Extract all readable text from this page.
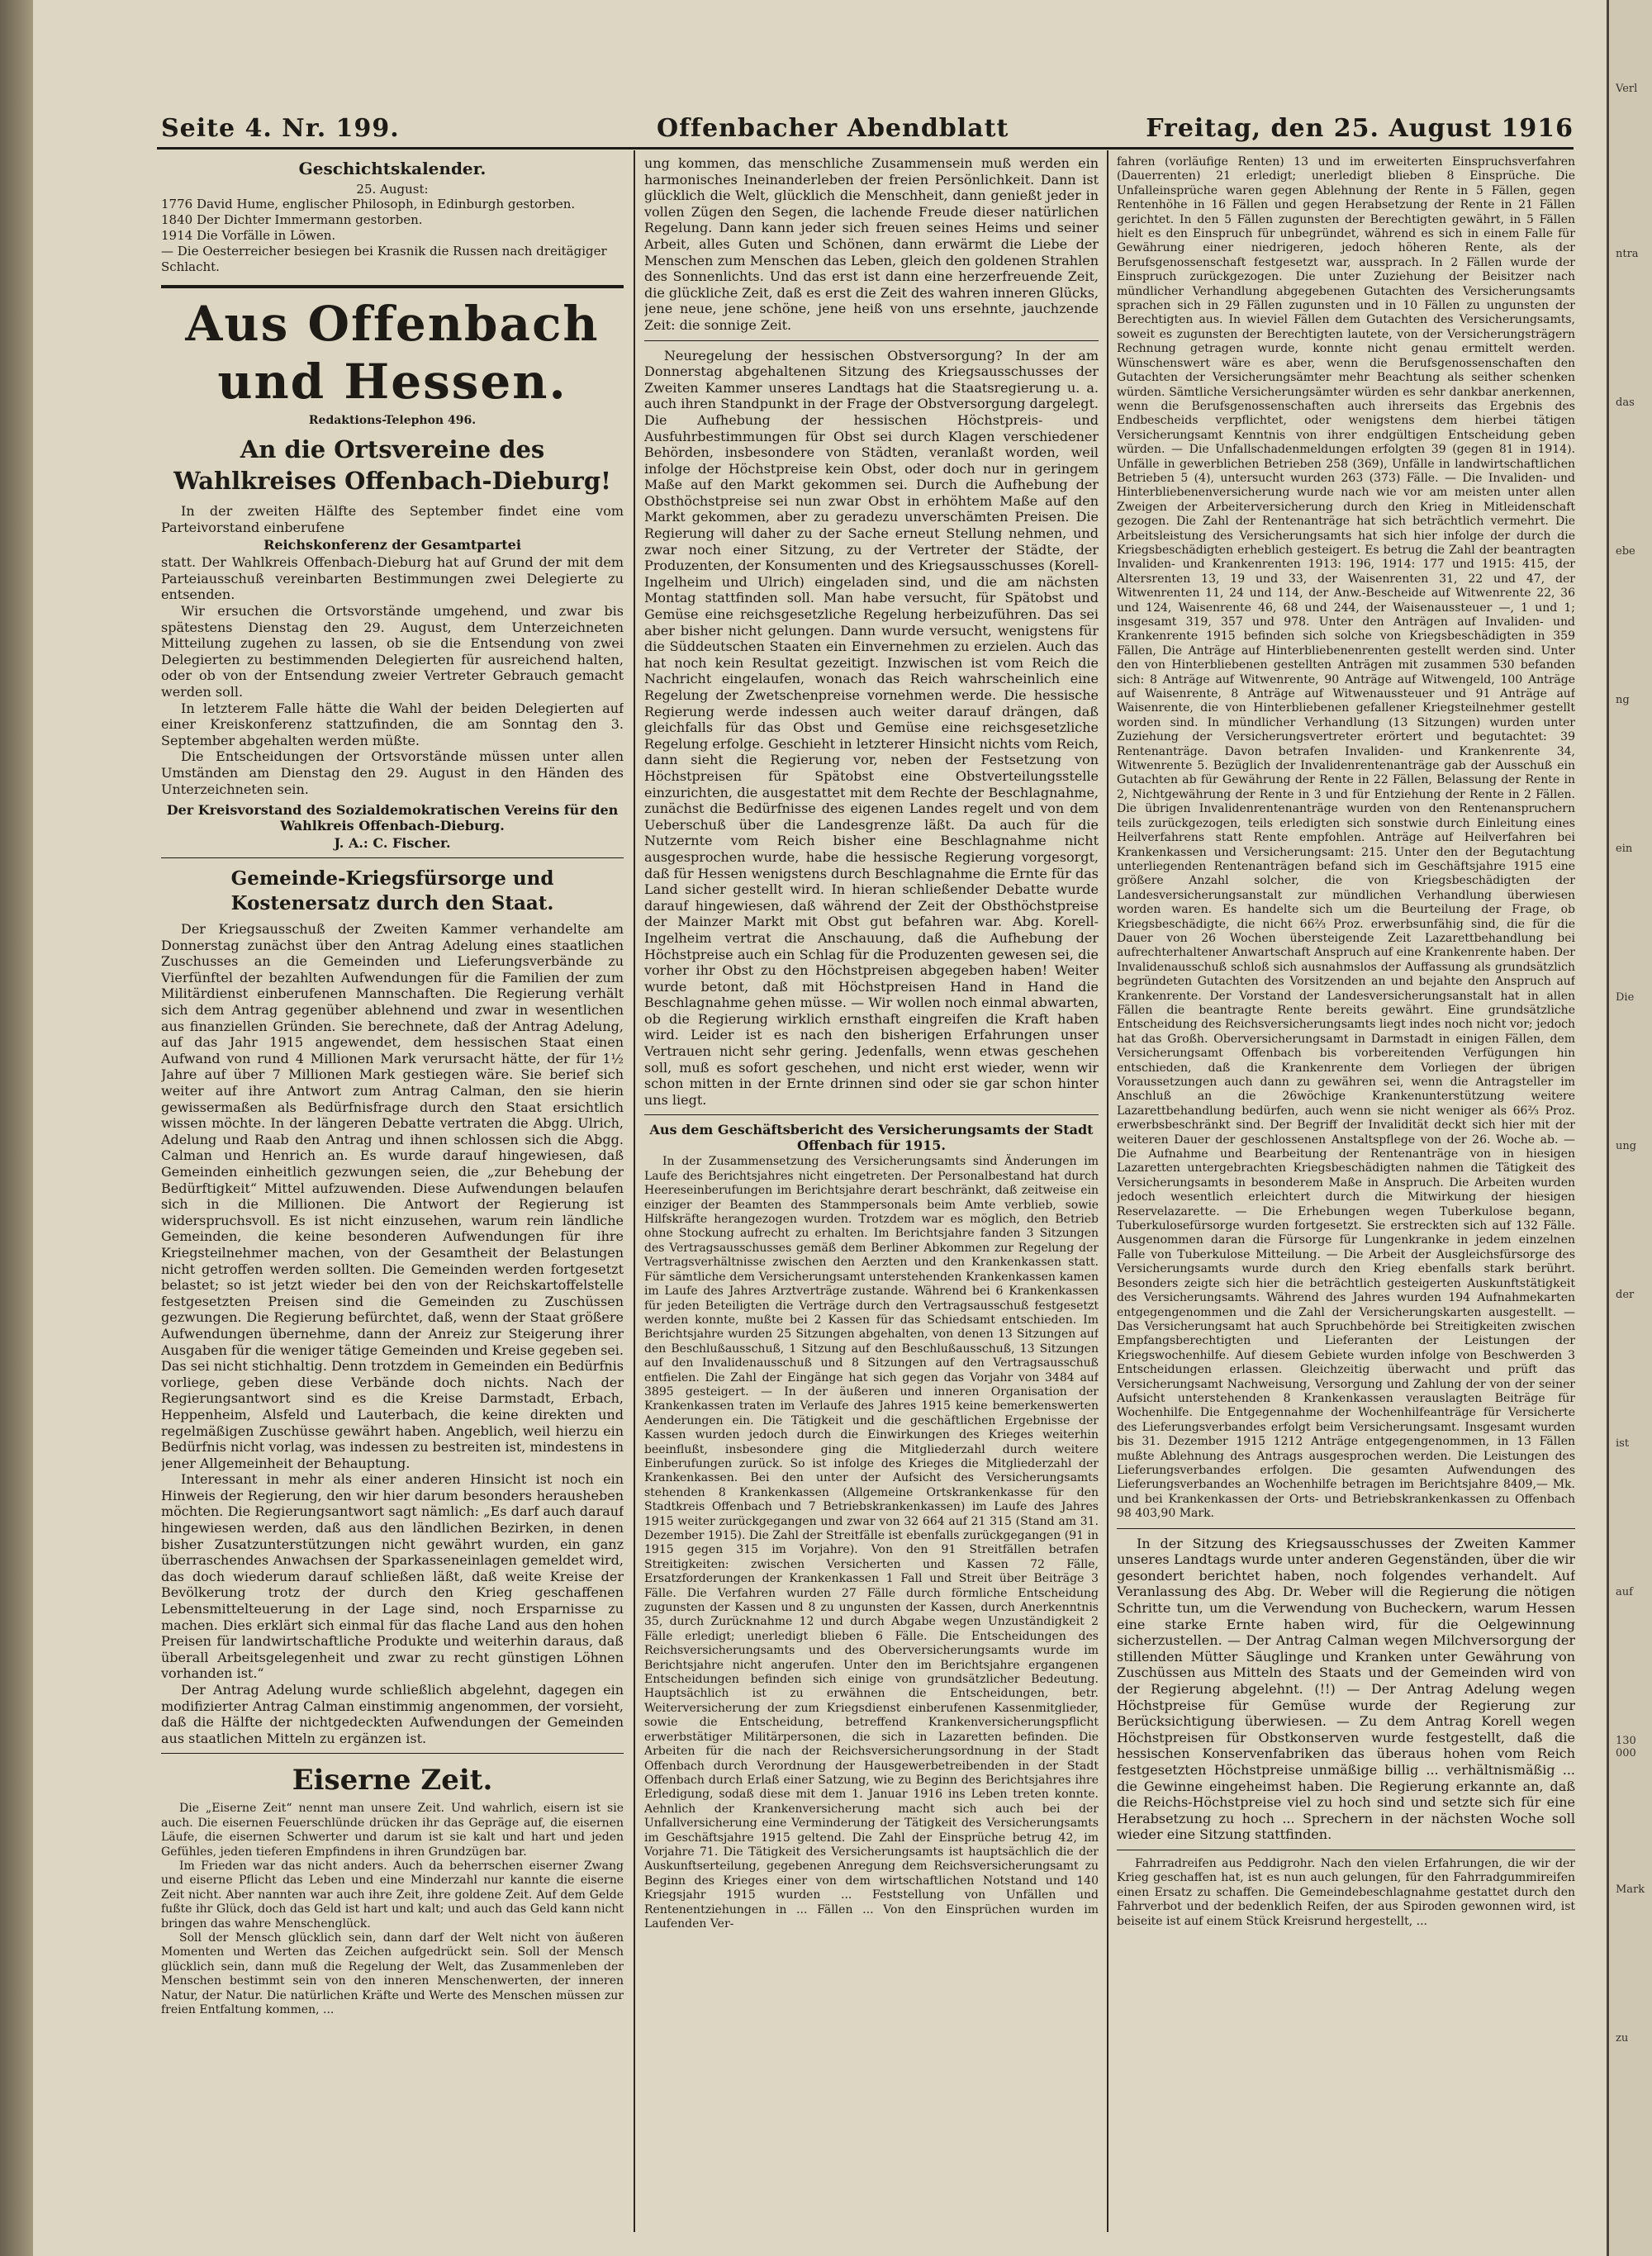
Seite 4. Nr. 199.	Offenbacher Abendblatt	Freitag, den 25. August 1916
Geschichtskalender.
25. August:

1776 David Hume, englischer Philosoph, in Edinburgh gestorben.

1840 Der Dichter Immermann gestorben.

1914 Die Vorfälle in Löwen.

— Die Oesterreicher besiegen bei Krasnik die Russen nach dreitägiger Schlacht.

Aus Offenbach und Hessen.
Redaktions-Telephon 496.
An die Ortsvereine des Wahlkreises Offenbach-Dieburg!

In der zweiten Hälfte des September findet eine vom Parteivorstand einberufene

Reichskonferenz der Gesamtpartei

statt. Der Wahlkreis Offenbach-Dieburg hat auf Grund der mit dem Parteiausschuß vereinbarten Bestimmungen zwei Delegierte zu entsenden.

Wir ersuchen die Ortsvorstände umgehend, und zwar bis spätestens Dienstag den 29. August, dem Unterzeichneten Mitteilung zugehen zu lassen, ob sie die Entsendung von zwei Delegierten zu bestimmenden Delegierten für ausreichend halten, oder ob von der Entsendung zweier Vertreter Gebrauch gemacht werden soll.

In letzterem Falle hätte die Wahl der beiden Delegierten auf einer Kreiskonferenz stattzufinden, die am Sonntag den 3. September abgehalten werden müßte.

Die Entscheidungen der Ortsvorstände müssen unter allen Umständen am Dienstag den 29. August in den Händen des Unterzeichneten sein.

Der Kreisvorstand des Sozialdemokratischen Vereins für den Wahlkreis Offenbach-Dieburg.
J. A.: C. Fischer.
Gemeinde-Kriegsfürsorge und Kostenersatz durch den Staat.

Der Kriegsausschuß der Zweiten Kammer verhandelte am Donnerstag zunächst über den Antrag Adelung eines staatlichen Zuschusses an die Gemeinden und Lieferungsverbände zu Vierfünftel der bezahlten Aufwendungen für die Familien der zum Militärdienst einberufenen Mannschaften. Die Regierung verhält sich dem Antrag gegenüber ablehnend und zwar in wesentlichen aus finanziellen Gründen. Sie berechnete, daß der Antrag Adelung, auf das Jahr 1915 angewendet, dem hessischen Staat einen Aufwand von rund 4 Millionen Mark verursacht hätte, der für 1½ Jahre auf über 7 Millionen Mark gestiegen wäre. Sie berief sich weiter auf ihre Antwort zum Antrag Calman, den sie hierin gewissermaßen als Bedürfnisfrage durch den Staat ersichtlich wissen möchte. In der längeren Debatte vertraten die Abgg. Ulrich, Adelung und Raab den Antrag und ihnen schlossen sich die Abgg. Calman und Henrich an. Es wurde darauf hingewiesen, daß Gemeinden einheitlich gezwungen seien, die „zur Behebung der Bedürftigkeit“ Mittel aufzuwenden. Diese Aufwendungen belaufen sich in die Millionen. Die Antwort der Regierung ist widerspruchsvoll. Es ist nicht einzusehen, warum rein ländliche Gemeinden, die keine besonderen Aufwendungen für ihre Kriegsteilnehmer machen, von der Gesamtheit der Belastungen nicht getroffen werden sollten. Die Gemeinden werden fortgesetzt belastet; so ist jetzt wieder bei den von der Reichskartoffelstelle festgesetzten Preisen sind die Gemeinden zu Zuschüssen gezwungen. Die Regierung befürchtet, daß, wenn der Staat größere Aufwendungen übernehme, dann der Anreiz zur Steigerung ihrer Ausgaben für die weniger tätige Gemeinden und Kreise gegeben sei. Das sei nicht stichhaltig. Denn trotzdem in Gemeinden ein Bedürfnis vorliege, geben diese Verbände doch nichts. Nach der Regierungsantwort sind es die Kreise Darmstadt, Erbach, Heppenheim, Alsfeld und Lauterbach, die keine direkten und regelmäßigen Zuschüsse gewährt haben. Angeblich, weil hierzu ein Bedürfnis nicht vorlag, was indessen zu bestreiten ist, mindestens in jener Allgemeinheit der Behauptung.

Interessant in mehr als einer anderen Hinsicht ist noch ein Hinweis der Regierung, den wir hier darum besonders herausheben möchten. Die Regierungsantwort sagt nämlich: „Es darf auch darauf hingewiesen werden, daß aus den ländlichen Bezirken, in denen bisher Zusatzunterstützungen nicht gewährt wurden, ein ganz überraschendes Anwachsen der Sparkasseneinlagen gemeldet wird, das doch wiederum darauf schließen läßt, daß weite Kreise der Bevölkerung trotz der durch den Krieg geschaffenen Lebensmittelteuerung in der Lage sind, noch Ersparnisse zu machen. Dies erklärt sich einmal für das flache Land aus den hohen Preisen für landwirtschaftliche Produkte und weiterhin daraus, daß überall Arbeitsgelegenheit und zwar zu recht günstigen Löhnen vorhanden ist.“

Der Antrag Adelung wurde schließlich abgelehnt, dagegen ein modifizierter Antrag Calman einstimmig angenommen, der vorsieht, daß die Hälfte der nichtgedeckten Aufwendungen der Gemeinden aus staatlichen Mitteln zu ergänzen ist.

Eiserne Zeit.

Die „Eiserne Zeit“ nennt man unsere Zeit. Und wahrlich, eisern ist sie auch. Die eisernen Feuerschlünde drücken ihr das Gepräge auf, die eisernen Läufe, die eisernen Schwerter und darum ist sie kalt und hart und jeden Gefühles, jeden tieferen Empfindens in ihren Grundzügen bar.

Im Frieden war das nicht anders. Auch da beherrschen eiserner Zwang und eiserne Pflicht das Leben und eine Minderzahl nur kannte die eiserne Zeit nicht. Aber nannten war auch ihre Zeit, ihre goldene Zeit. Auf dem Gelde fußte ihr Glück, doch das Geld ist hart und kalt; und auch das Geld kann nicht bringen das wahre Menschenglück.

Soll der Mensch glücklich sein, dann darf der Welt nicht von äußeren Momenten und Werten das Zeichen aufgedrückt sein. Soll der Mensch glücklich sein, dann muß die Regelung der Welt, das Zusammenleben der Menschen bestimmt sein von den inneren Menschenwerten, der inneren Natur, der Natur. Die natürlichen Kräfte und Werte des Menschen müssen zur freien Entfaltung kommen, ...

ung kommen, das menschliche Zusammensein muß werden ein harmonisches Ineinanderleben der freien Persönlichkeit. Dann ist glücklich die Welt, glücklich die Menschheit, dann genießt jeder in vollen Zügen den Segen, die lachende Freude dieser natürlichen Regelung. Dann kann jeder sich freuen seines Heims und seiner Arbeit, alles Guten und Schönen, dann erwärmt die Liebe der Menschen zum Menschen das Leben, gleich den goldenen Strahlen des Sonnenlichts. Und das erst ist dann eine herzerfreuende Zeit, die glückliche Zeit, daß es erst die Zeit des wahren inneren Glücks, jene neue, jene schöne, jene heiß von uns ersehnte, jauchzende Zeit: die sonnige Zeit.

Neuregelung der hessischen Obstversorgung? In der am Donnerstag abgehaltenen Sitzung des Kriegsausschusses der Zweiten Kammer unseres Landtags hat die Staatsregierung u. a. auch ihren Standpunkt in der Frage der Obstversorgung dargelegt. Die Aufhebung der hessischen Höchstpreis- und Ausfuhrbestimmungen für Obst sei durch Klagen verschiedener Behörden, insbesondere von Städten, veranlaßt worden, weil infolge der Höchstpreise kein Obst, oder doch nur in geringem Maße auf den Markt gekommen sei. Durch die Aufhebung der Obsthöchstpreise sei nun zwar Obst in erhöhtem Maße auf den Markt gekommen, aber zu geradezu unverschämten Preisen. Die Regierung will daher zu der Sache erneut Stellung nehmen, und zwar noch einer Sitzung, zu der Vertreter der Städte, der Produzenten, der Konsumenten und des Kriegsausschusses (Korell-Ingelheim und Ulrich) eingeladen sind, und die am nächsten Montag stattfinden soll. Man habe versucht, für Spätobst und Gemüse eine reichsgesetzliche Regelung herbeizuführen. Das sei aber bisher nicht gelungen. Dann wurde versucht, wenigstens für die Süddeutschen Staaten ein Einvernehmen zu erzielen. Auch das hat noch kein Resultat gezeitigt. Inzwischen ist vom Reich die Nachricht eingelaufen, wonach das Reich wahrscheinlich eine Regelung der Zwetschenpreise vornehmen werde. Die hessische Regierung werde indessen auch weiter darauf drängen, daß gleichfalls für das Obst und Gemüse eine reichsgesetzliche Regelung erfolge. Geschieht in letzterer Hinsicht nichts vom Reich, dann sieht die Regierung vor, neben der Festsetzung von Höchstpreisen für Spätobst eine Obstverteilungsstelle einzurichten, die ausgestattet mit dem Rechte der Beschlagnahme, zunächst die Bedürfnisse des eigenen Landes regelt und von dem Ueberschuß über die Landesgrenze läßt. Da auch für die Nutzernte vom Reich bisher eine Beschlagnahme nicht ausgesprochen wurde, habe die hessische Regierung vorgesorgt, daß für Hessen wenigstens durch Beschlagnahme die Ernte für das Land sicher gestellt wird. In hieran schließender Debatte wurde darauf hingewiesen, daß während der Zeit der Obsthöchstpreise der Mainzer Markt mit Obst gut befahren war. Abg. Korell-Ingelheim vertrat die Anschauung, daß die Aufhebung der Höchstpreise auch ein Schlag für die Produzenten gewesen sei, die vorher ihr Obst zu den Höchstpreisen abgegeben haben! Weiter wurde betont, daß mit Höchstpreisen Hand in Hand die Beschlagnahme gehen müsse. — Wir wollen noch einmal abwarten, ob die Regierung wirklich ernsthaft eingreifen die Kraft haben wird. Leider ist es nach den bisherigen Erfahrungen unser Vertrauen nicht sehr gering. Jedenfalls, wenn etwas geschehen soll, muß es sofort geschehen, und nicht erst wieder, wenn wir schon mitten in der Ernte drinnen sind oder sie gar schon hinter uns liegt.

Aus dem Geschäftsbericht des Versicherungsamts der Stadt Offenbach für 1915.

In der Zusammensetzung des Versicherungsamts sind Änderungen im Laufe des Berichtsjahres nicht eingetreten. Der Personalbestand hat durch Heereseinberufungen im Berichtsjahre derart beschränkt, daß zeitweise ein einziger der Beamten des Stammpersonals beim Amte verblieb, sowie Hilfskräfte herangezogen wurden. Trotzdem war es möglich, den Betrieb ohne Stockung aufrecht zu erhalten. Im Berichtsjahre fanden 3 Sitzungen des Vertragsausschusses gemäß dem Berliner Abkommen zur Regelung der Vertragsverhältnisse zwischen den Aerzten und den Krankenkassen statt. Für sämtliche dem Versicherungsamt unterstehenden Krankenkassen kamen im Laufe des Jahres Arztverträge zustande. Während bei 6 Krankenkassen für jeden Beteiligten die Verträge durch den Vertragsausschuß festgesetzt werden konnte, mußte bei 2 Kassen für das Schiedsamt entschieden. Im Berichtsjahre wurden 25 Sitzungen abgehalten, von denen 13 Sitzungen auf den Beschlußausschuß, 1 Sitzung auf den Beschlußausschuß, 13 Sitzungen auf den Invalidenausschuß und 8 Sitzungen auf den Vertragsausschuß entfielen. Die Zahl der Eingänge hat sich gegen das Vorjahr von 3484 auf 3895 gesteigert. — In der äußeren und inneren Organisation der Krankenkassen traten im Verlaufe des Jahres 1915 keine bemerkenswerten Aenderungen ein. Die Tätigkeit und die geschäftlichen Ergebnisse der Kassen wurden jedoch durch die Einwirkungen des Krieges weiterhin beeinflußt, insbesondere ging die Mitgliederzahl durch weitere Einberufungen zurück. So ist infolge des Krieges die Mitgliederzahl der Krankenkassen. Bei den unter der Aufsicht des Versicherungsamts stehenden 8 Krankenkassen (Allgemeine Ortskrankenkasse für den Stadtkreis Offenbach und 7 Betriebskrankenkassen) im Laufe des Jahres 1915 weiter zurückgegangen und zwar von 32 664 auf 21 315 (Stand am 31. Dezember 1915). Die Zahl der Streitfälle ist ebenfalls zurückgegangen (91 in 1915 gegen 315 im Vorjahre). Von den 91 Streitfällen betrafen Streitigkeiten: zwischen Versicherten und Kassen 72 Fälle, Ersatzforderungen der Krankenkassen 1 Fall und Streit über Beiträge 3 Fälle. Die Verfahren wurden 27 Fälle durch förmliche Entscheidung zugunsten der Kassen und 8 zu ungunsten der Kassen, durch Anerkenntnis 35, durch Zurücknahme 12 und durch Abgabe wegen Unzuständigkeit 2 Fälle erledigt; unerledigt blieben 6 Fälle. Die Entscheidungen des Reichsversicherungsamts und des Oberversicherungsamts wurde im Berichtsjahre nicht angerufen. Unter den im Berichtsjahre ergangenen Entscheidungen befinden sich einige von grundsätzlicher Bedeutung. Hauptsächlich ist zu erwähnen die Entscheidungen, betr. Weiterversicherung der zum Kriegsdienst einberufenen Kassenmitglieder, sowie die Entscheidung, betreffend Krankenversicherungspflicht erwerbstätiger Militärpersonen, die sich in Lazaretten befinden. Die Arbeiten für die nach der Reichsversicherungsordnung in der Stadt Offenbach durch Verordnung der Hausgewerbetreibenden in der Stadt Offenbach durch Erlaß einer Satzung, wie zu Beginn des Berichtsjahres ihre Erledigung, sodaß diese mit dem 1. Januar 1916 ins Leben treten konnte. Aehnlich der Krankenversicherung macht sich auch bei der Unfallversicherung eine Verminderung der Tätigkeit des Versicherungsamts im Geschäftsjahre 1915 geltend. Die Zahl der Einsprüche betrug 42, im Vorjahre 71. Die Tätigkeit des Versicherungsamts ist hauptsächlich die der Auskunftserteilung, gegebenen Anregung dem Reichsversicherungsamt zu Beginn des Krieges einer von dem wirtschaftlichen Notstand und 140 Kriegsjahr 1915 wurden ... Feststellung von Unfällen und Rentenentziehungen in ... Fällen ... Von den Einsprüchen wurden im Laufenden Ver-

fahren (vorläufige Renten) 13 und im erweiterten Einspruchsverfahren (Dauerrenten) 21 erledigt; unerledigt blieben 8 Einsprüche. Die Unfalleinsprüche waren gegen Ablehnung der Rente in 5 Fällen, gegen Rentenhöhe in 16 Fällen und gegen Herabsetzung der Rente in 21 Fällen gerichtet. In den 5 Fällen zugunsten der Berechtigten gewährt, in 5 Fällen hielt es den Einspruch für unbegründet, während es sich in einem Falle für Gewährung einer niedrigeren, jedoch höheren Rente, als der Berufsgenossenschaft festgesetzt war, aussprach. In 2 Fällen wurde der Einspruch zurückgezogen. Die unter Zuziehung der Beisitzer nach mündlicher Verhandlung abgegebenen Gutachten des Versicherungsamts sprachen sich in 29 Fällen zugunsten und in 10 Fällen zu ungunsten der Berechtigten aus. In wieviel Fällen dem Gutachten des Versicherungsamts, soweit es zugunsten der Berechtigten lautete, von der Versicherungsträgern Rechnung getragen wurde, konnte nicht genau ermittelt werden. Wünschenswert wäre es aber, wenn die Berufsgenossenschaften den Gutachten der Versicherungsämter mehr Beachtung als seither schenken würden. Sämtliche Versicherungsämter würden es sehr dankbar anerkennen, wenn die Berufsgenossenschaften auch ihrerseits das Ergebnis des Endbescheids verpflichtet, oder wenigstens dem hierbei tätigen Versicherungsamt Kenntnis von ihrer endgültigen Entscheidung geben würden. — Die Unfallschadenmeldungen erfolgten 39 (gegen 81 in 1914). Unfälle in gewerblichen Betrieben 258 (369), Unfälle in landwirtschaftlichen Betrieben 5 (4), untersucht wurden 263 (373) Fälle. — Die Invaliden- und Hinterbliebenenversicherung wurde nach wie vor am meisten unter allen Zweigen der Arbeiterversicherung durch den Krieg in Mitleidenschaft gezogen. Die Zahl der Rentenanträge hat sich beträchtlich vermehrt. Die Arbeitsleistung des Versicherungsamts hat sich hier infolge der durch die Kriegsbeschädigten erheblich gesteigert. Es betrug die Zahl der beantragten Invaliden- und Krankenrenten 1913: 196, 1914: 177 und 1915: 415, der Altersrenten 13, 19 und 33, der Waisenrenten 31, 22 und 47, der Witwenrenten 11, 24 und 114, der Anw.-Bescheide auf Witwenrente 22, 36 und 124, Waisenrente 46, 68 und 244, der Waisenaussteuer —, 1 und 1; insgesamt 319, 357 und 978. Unter den Anträgen auf Invaliden- und Krankenrente 1915 befinden sich solche von Kriegsbeschädigten in 359 Fällen, Die Anträge auf Hinterbliebenenrenten gestellt werden sind. Unter den von Hinterbliebenen gestellten Anträgen mit zusammen 530 befanden sich: 8 Anträge auf Witwenrente, 90 Anträge auf Witwengeld, 100 Anträge auf Waisenrente, 8 Anträge auf Witwenaussteuer und 91 Anträge auf Waisenrente, die von Hinterbliebenen gefallener Kriegsteilnehmer gestellt worden sind. In mündlicher Verhandlung (13 Sitzungen) wurden unter Zuziehung der Versicherungsvertreter erörtert und begutachtet: 39 Rentenanträge. Davon betrafen Invaliden- und Krankenrente 34, Witwenrente 5. Bezüglich der Invalidenrentenanträge gab der Ausschuß ein Gutachten ab für Gewährung der Rente in 22 Fällen, Belassung der Rente in 2, Nichtgewährung der Rente in 3 und für Entziehung der Rente in 2 Fällen. Die übrigen Invalidenrentenanträge wurden von den Rentenanspruchern teils zurückgezogen, teils erledigten sich sonstwie durch Einleitung eines Heilverfahrens statt Rente empfohlen. Anträge auf Heilverfahren bei Krankenkassen und Versicherungsamt: 215. Unter den der Begutachtung unterliegenden Rentenanträgen befand sich im Geschäftsjahre 1915 eine größere Anzahl solcher, die von Kriegsbeschädigten der Landesversicherungsanstalt zur mündlichen Verhandlung überwiesen worden waren. Es handelte sich um die Beurteilung der Frage, ob Kriegsbeschädigte, die nicht 66⅔ Proz. erwerbsunfähig sind, die für die Dauer von 26 Wochen übersteigende Zeit Lazarettbehandlung bei aufrechterhaltener Anwartschaft Anspruch auf eine Krankenrente haben. Der Invalidenausschuß schloß sich ausnahmslos der Auffassung als grundsätzlich begründeten Gutachten des Vorsitzenden an und bejahte den Anspruch auf Krankenrente. Der Vorstand der Landesversicherungsanstalt hat in allen Fällen die beantragte Rente bereits gewährt. Eine grundsätzliche Entscheidung des Reichsversicherungsamts liegt indes noch nicht vor; jedoch hat das Großh. Oberversicherungsamt in Darmstadt in einigen Fällen, dem Versicherungsamt Offenbach bis vorbereitenden Verfügungen hin entschieden, daß die Krankenrente dem Vorliegen der übrigen Voraussetzungen auch dann zu gewähren sei, wenn die Antragsteller im Anschluß an die 26wöchige Krankenunterstützung weitere Lazarettbehandlung bedürfen, auch wenn sie nicht weniger als 66⅔ Proz. erwerbsbeschränkt sind. Der Begriff der Invalidität deckt sich hier mit der weiteren Dauer der geschlossenen Anstaltspflege von der 26. Woche ab. — Die Aufnahme und Bearbeitung der Rentenanträge von in hiesigen Lazaretten untergebrachten Kriegsbeschädigten nahmen die Tätigkeit des Versicherungsamts in besonderem Maße in Anspruch. Die Arbeiten wurden jedoch wesentlich erleichtert durch die Mitwirkung der hiesigen Reservelazarette. — Die Erhebungen wegen Tuberkulose begann, Tuberkulosefürsorge wurden fortgesetzt. Sie erstreckten sich auf 132 Fälle. Ausgenommen daran die Fürsorge für Lungenkranke in jedem einzelnen Falle von Tuberkulose Mitteilung. — Die Arbeit der Ausgleichsfürsorge des Versicherungsamts wurde durch den Krieg ebenfalls stark berührt. Besonders zeigte sich hier die beträchtlich gesteigerten Auskunftstätigkeit des Versicherungsamts. Während des Jahres wurden 194 Aufnahmekarten entgegengenommen und die Zahl der Versicherungskarten ausgestellt. — Das Versicherungsamt hat auch Spruchbehörde bei Streitigkeiten zwischen Empfangsberechtigten und Lieferanten der Leistungen der Kriegswochenhilfe. Auf diesem Gebiete wurden infolge von Beschwerden 3 Entscheidungen erlassen. Gleichzeitig überwacht und prüft das Versicherungsamt Nachweisung, Versorgung und Zahlung der von der seiner Aufsicht unterstehenden 8 Krankenkassen verauslagten Beiträge für Wochenhilfe. Die Entgegennahme der Wochenhilfeanträge für Versicherte des Lieferungsverbandes erfolgt beim Versicherungsamt. Insgesamt wurden bis 31. Dezember 1915 1212 Anträge entgegengenommen, in 13 Fällen mußte Ablehnung des Antrags ausgesprochen werden. Die Leistungen des Lieferungsverbandes erfolgen. Die gesamten Aufwendungen des Lieferungsverbandes an Wochenhilfe betragen im Berichtsjahre 8409,— Mk. und bei Krankenkassen der Orts- und Betriebskrankenkassen zu Offenbach 98 403,90 Mark.

In der Sitzung des Kriegsausschusses der Zweiten Kammer unseres Landtags wurde unter anderen Gegenständen, über die wir gesondert berichtet haben, noch folgendes verhandelt. Auf Veranlassung des Abg. Dr. Weber will die Regierung die nötigen Schritte tun, um die Verwendung von Bucheckern, warum Hessen eine starke Ernte haben wird, für die Oelgewinnung sicherzustellen. — Der Antrag Calman wegen Milchversorgung der stillenden Mütter Säuglinge und Kranken unter Gewährung von Zuschüssen aus Mitteln des Staats und der Gemeinden wird von der Regierung abgelehnt. (!!) — Der Antrag Adelung wegen Höchstpreise für Gemüse wurde der Regierung zur Berücksichtigung überwiesen. — Zu dem Antrag Korell wegen Höchstpreisen für Obstkonserven wurde festgestellt, daß die hessischen Konservenfabriken das überaus hohen vom Reich festgesetzten Höchstpreise unmäßige billig ... verhältnismäßig ... die Gewinne eingeheimst haben. Die Regierung erkannte an, daß die Reichs-Höchstpreise viel zu hoch sind und setzte sich für eine Herabsetzung zu hoch ... Sprechern in der nächsten Woche soll wieder eine Sitzung stattfinden.

Fahrradreifen aus Peddigrohr. Nach den vielen Erfahrungen, die wir der Krieg geschaffen hat, ist es nun auch gelungen, für den Fahrradgummireifen einen Ersatz zu schaffen. Die Gemeindebeschlagnahme gestattet durch den Fahrverbot und der bedenklich Reifen, der aus Spiroden gewonnen wird, ist beiseite ist auf einem Stück Kreisrund hergestellt, ...

Verl
ntra
das
ebe
ng
ein
Die
ung
der
ist
auf
130 000
Mark
zu
